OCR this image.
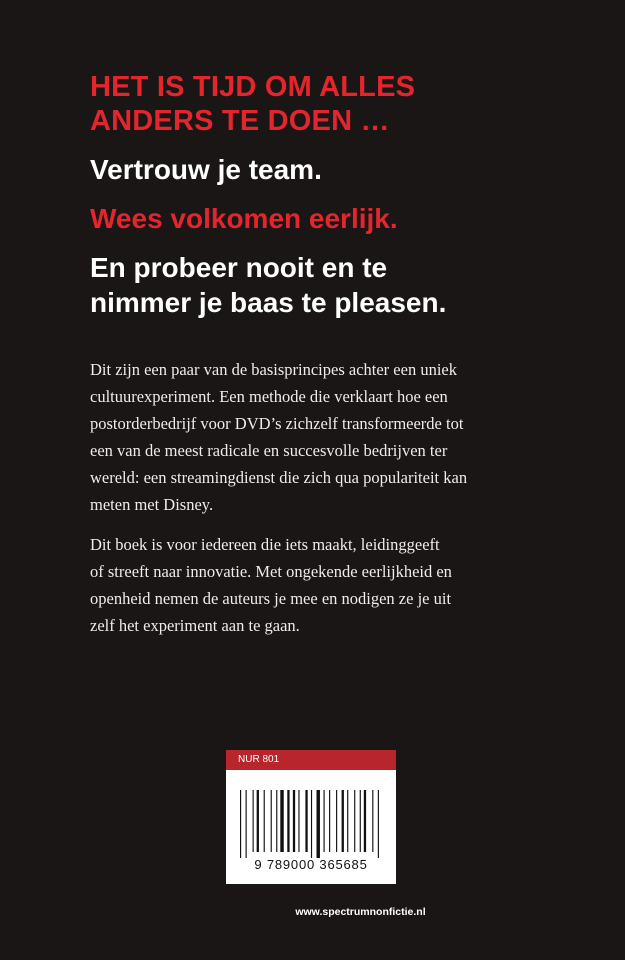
HET IS TIJD OM ALLES
ANDERS TE DOEN …

Vertrouw je team.

Wees volkomen eerlijk.

En probeer nooit en te
nimmer je baas te pleasen.

Dit zijn een paar van de basisprincipes achter een uniek
cultuurexperiment. Een methode die verklaart hoe een
postorderbedrijf voor DVD’s zichzelf transformeerde tot
een van de meest radicale en succesvolle bedrijven ter
wereld: een streamingdienst die zich qua populariteit kan
meten met Disney.

Dit boek is voor iedereen die iets maakt, leidinggeeft
of streeft naar innovatie. Met ongekende eerlijkheid en
openheid nemen de auteurs je mee en nodigen ze je uit
zelf het experiment aan te gaan.

NUR 801
9 789000 365685
www.spectrumnonfictie.nl
